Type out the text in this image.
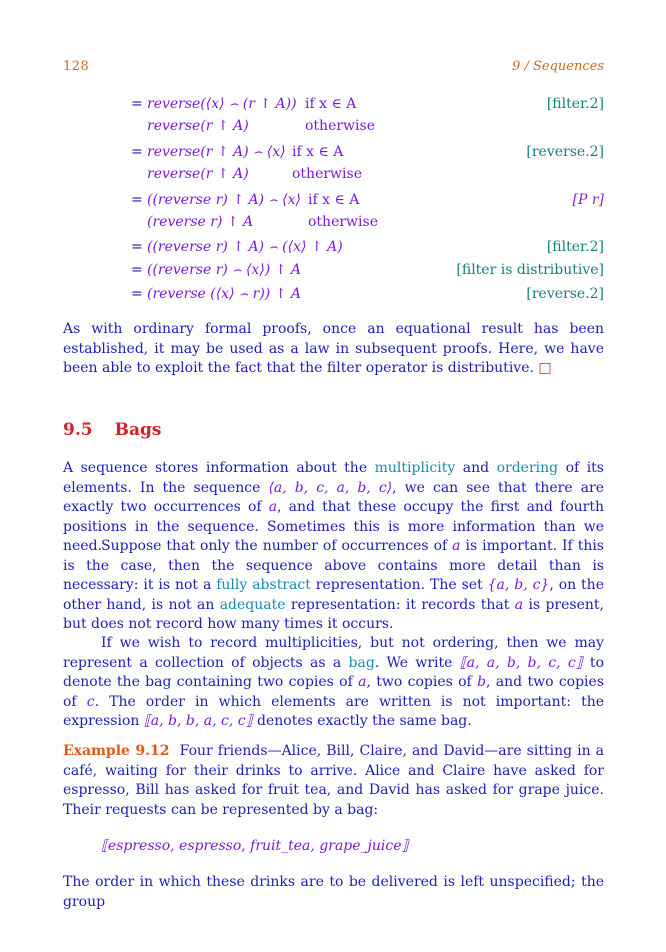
128	9 / Sequences
= reverse(⟨x⟩ ⌢ (r ↾ A)) if x ∈ A	[filter.2]
reverse(r ↾ A)	otherwise
= reverse(r ↾ A) ⌢ ⟨x⟩ if x ∈ A	[reverse.2]
reverse(r ↾ A)	otherwise
= ((reverse r) ↾ A) ⌢ ⟨x⟩ if x ∈ A	[P r]
(reverse r) ↾ A	otherwise
= ((reverse r) ↾ A) ⌢ (⟨x⟩ ↾ A)	[filter.2]
= ((reverse r) ⌢ ⟨x⟩) ↾ A	[filter is distributive]
= (reverse (⟨x⟩ ⌢ r)) ↾ A	[reverse.2]
As with ordinary formal proofs, once an equational result has been established, it may be used as a law in subsequent proofs. Here, we have been able to exploit the fact that the filter operator is distributive. □
9.5 Bags
A sequence stores information about the multiplicity and ordering of its elements. In the sequence ⟨a, b, c, a, b, c⟩, we can see that there are exactly two occurrences of a, and that these occupy the first and fourth positions in the sequence. Sometimes this is more information than we need. Suppose that only the number of occurrences of a is important. If this is the case, then the sequence above contains more detail than is necessary: it is not a fully abstract representation. The set {a, b, c}, on the other hand, is not an adequate representation: it records that a is present, but does not record how many times it occurs.
If we wish to record multiplicities, but not ordering, then we may represent a collection of objects as a bag. We write ⟦a, a, b, b, c, c⟧ to denote the bag containing two copies of a, two copies of b, and two copies of c. The order in which elements are written is not important: the expression ⟦a, b, b, a, c, c⟧ denotes exactly the same bag.
Example 9.12 Four friends—Alice, Bill, Claire, and David—are sitting in a café, waiting for their drinks to arrive. Alice and Claire have asked for espresso, Bill has asked for fruit tea, and David has asked for grape juice. Their requests can be represented by a bag:
⟦espresso, espresso, fruit_tea, grape_juice⟧
The order in which these drinks are to be delivered is left unspecified; the group
